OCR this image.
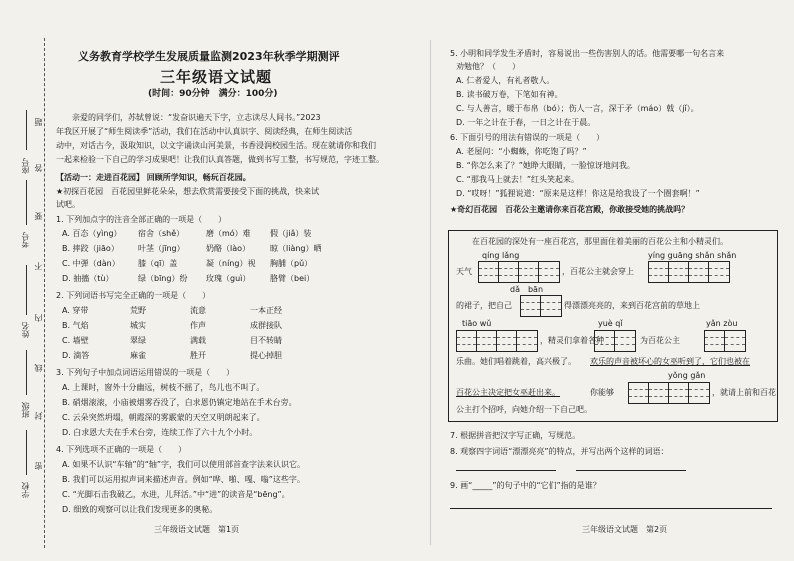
座号
考号
姓名
班级
学校
题
答
要
不
内
线
封
密
义务教育学校学生发展质量监测2023年秋季学期测评
三年级语文试题
(时间：90分钟　满分：100分)
　　亲爱的同学们，苏轼曾说：“发奋识遍天下字，立志读尽人间书。”2023
年我区开展了“师生阅读季”活动，我们在活动中认真识字、阅读经典，在师生阅读活
动中，对话古今，汲取知识，以文字诵读山河美景，书香浸润校园生活。现在就请你和我们
一起来检验一下自己的学习成果吧！让我们认真答题，做到书写工整，书写规范，字迹工整。
【活动一：走进百花园】 回顾所学知识，畅玩百花园。
★初探百花园　百花园里鲜花朵朵，想去欣赏需要接受下面的挑战，快来试
试吧。
1. 下列加点字的注音全部正确的一项是（　　）
A. 百态（yìng） 宿舍（shě）	磨（mó）难 假（jiǎ）装
B. 摔跤（jiāo） 叶茎（jīng）	奶酪（lào） 晾（liàng）晒
C. 中弹（dàn） 膝（qī）盖	凝（níng）视 胸脯（pǔ）
D. 抽搐（tù）	绿（bīng）纷 玫瑰（guì） 胳臂（bei）
2. 下列词语书写完全正确的一项是（　　）
A. 穿带	荒野	流意	一本正经
B. 气焰	城实	作声	成群接队
C. 墙壁	翠绿	满载	目不转睛
D. 滴答	麻雀	胜开	提心掉胆
3. 下列句子中加点词语运用错误的一项是（　　）
A. 上课时，窗外十分幽远，树枝不摇了，鸟儿也不叫了。
B. 硝烟滚滚，小庙被烟雾吞没了，白求恩仍镇定地站在手术台旁。
C. 云朵突然坍塌，朝霞深的雾霰蒙的天空又明朗起来了。
D. 白求恩大夫在手术台旁，连续工作了六十九个小时。
4. 下列选项不正确的一项是（　　）
A. 如果不认识“车轴”的“轴”字，我们可以使用部首查字法来认识它。
B. 我们可以运用拟声词来描述声音。例如“哗、啪、嘎、嗡”这些字。
C. “光脚石击我破乙，水进，儿拜活。”中“进”的读音是“bēng”。
D. 细致的观察可以让我们发现更多的奥秘。
三年级语文试题　第1页
5. 小明和同学发生矛盾时，容易说出一些伤害别人的话。他需要哪一句名言来
劝勉他？（　　）
A. 仁者爱人，有礼者敬人。
B. 读书破万卷，下笔如有神。
C. 与人善言，暖于布帛（bó）；伤人一言，深于矛（máo）戟（jǐ）。
D. 一年之计在于春，一日之计在于晨。
6. 下面引号的用法有错误的一项是（　　）
A. 老屋问：“小蜘蛛，你吃饱了吗？”
B. “你怎么来了？”她睁大眼睛，一脸惊讶地问我。
C. “那我马上就去！”红头笑起来。
D. “哎呀！”狐狸说道：“原来是这样！你这是给我设了一个圈套啊！”
★奇幻百花园　百花公主邀请你来百花宫殿，你敢接受她的挑战吗？
　　在百花园的深处有一座百花宫，那里面住着美丽的百花公主和小精灵们。
qíng lǎng	yíng guāng shǎn shǎn
天气	，百花公主就会穿上
dǎ　bān
的裙子，把自己	得漂漂亮亮的，来到百花宫前的草地上
tiāo wǔ	yuè qǐ	yǎn zòu
，精灵们拿着各种	为百花公主
乐曲。她们唱着跳着，高兴极了。 欢乐的声音被坏心的女巫听到了，它们也被在
yǒng gǎn
百花公主决定把女巫赶出来。	你能够	，就请上前和百花
公主打个招呼，向她介绍一下自己吧。
7. 根据拼音把汉字写正确，写规范。
8. 观察四字词语“漂漂亮亮”的特点，并写出两个这样的词语：
9. 画“_____”的句子中的“它们”指的是谁？
三年级语文试题　第2页
